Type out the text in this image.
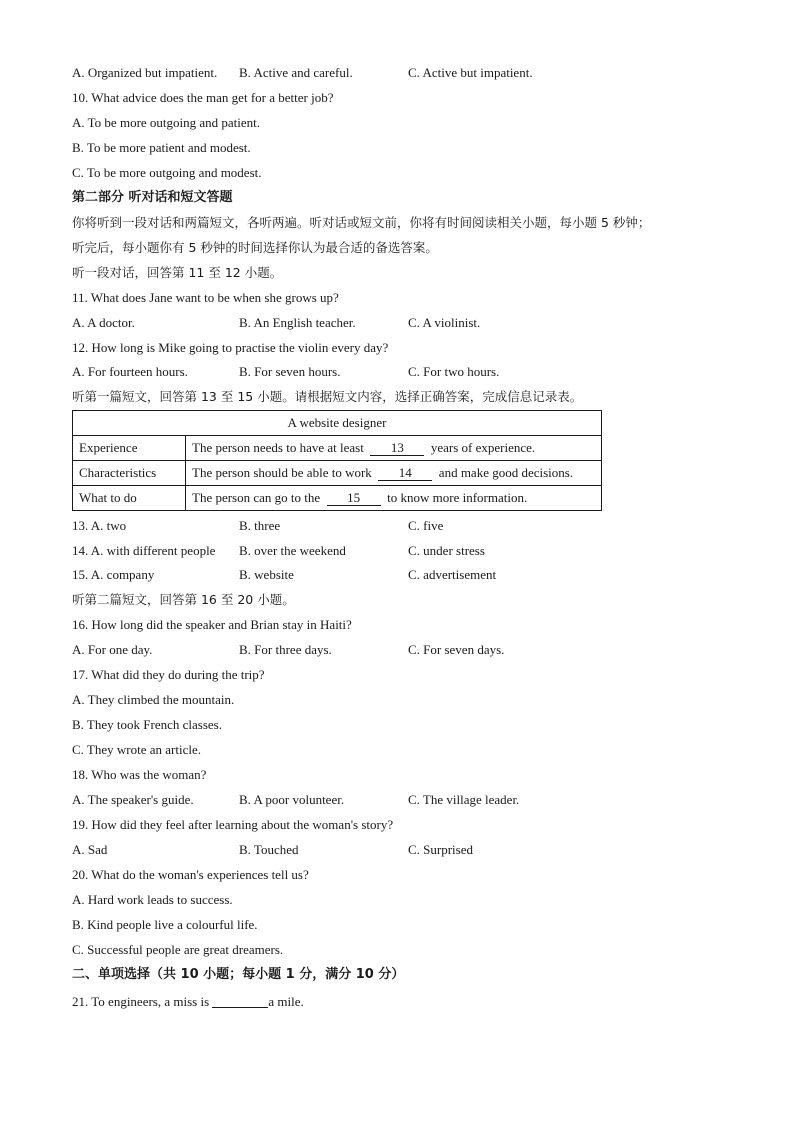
A. Organized but impatient. B. Active and careful.	C. Active but impatient.
10. What advice does the man get for a better job?
A. To be more outgoing and patient.
B. To be more patient and modest.
C. To be more outgoing and modest.
第二部分 听对话和短文答题
你将听到一段对话和两篇短文，各听两遍。听对话或短文前，你将有时间阅读相关小题，每小题 5 秒钟；
听完后，每小题你有 5 秒钟的时间选择你认为最合适的备选答案。
听一段对话，回答第 11 至 12 小题。
11. What does Jane want to be when she grows up?
A. A doctor.	B. An English teacher.	C. A violinist.
12. How long is Mike going to practise the violin every day?
A. For fourteen hours.	B. For seven hours.	C. For two hours.
听第一篇短文，回答第 13 至 15 小题。请根据短文内容，选择正确答案，完成信息记录表。
A website designer	
Experience	The person needs to have at least 13 years of experience.
Characteristics	The person should be able to work 14 and make good decisions.
What to do	The person can go to the 15 to know more information.
13. A. two	B. three	C. five
14. A. with different people B. over the weekend	C. under stress
15. A. company	B. website	C. advertisement
听第二篇短文，回答第 16 至 20 小题。
16. How long did the speaker and Brian stay in Haiti?
A. For one day.	B. For three days.	C. For seven days.
17. What did they do during the trip?
A. They climbed the mountain.
B. They took French classes.
C. They wrote an article.
18. Who was the woman?
A. The speaker's guide.	B. A poor volunteer.	C. The village leader.
19. How did they feel after learning about the woman's story?
A. Sad	B. Touched	C. Surprised
20. What do the woman's experiences tell us?
A. Hard work leads to success.
B. Kind people live a colourful life.
C. Successful people are great dreamers.
二、单项选择（共 10 小题；每小题 1 分，满分 10 分）
21. To engineers, a miss is	a mile.
